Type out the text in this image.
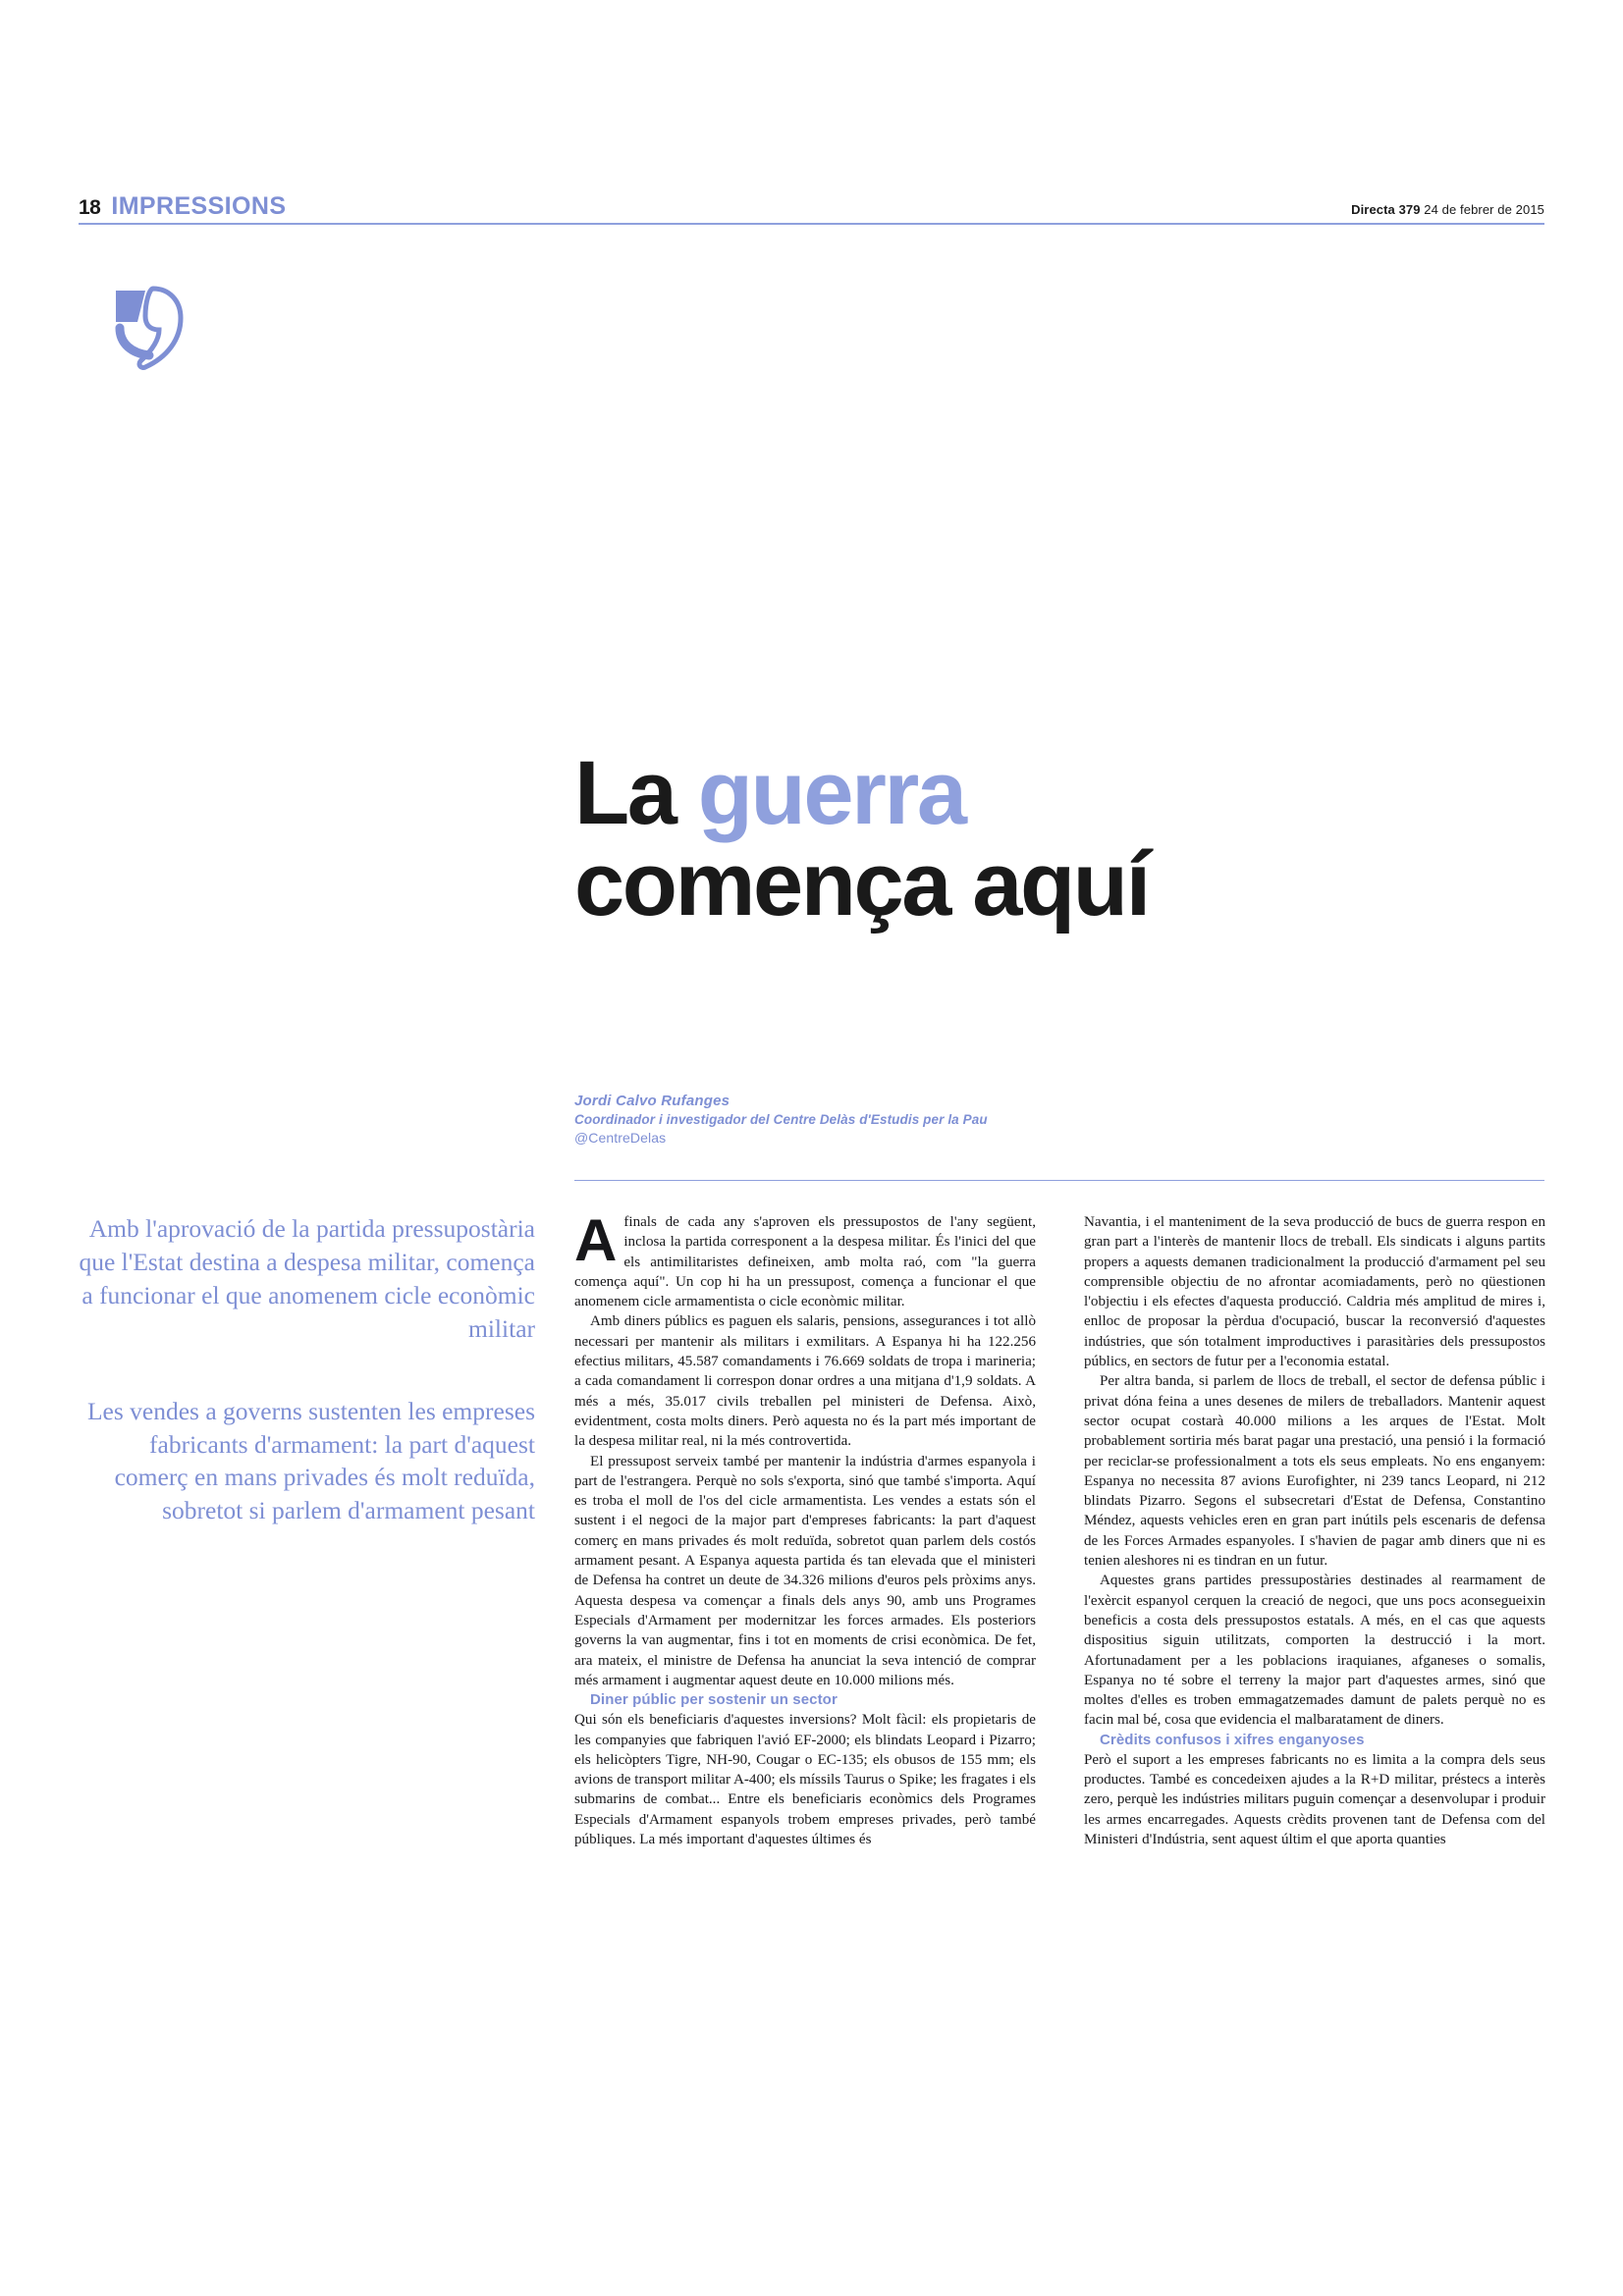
18 IMPRESSIONS	Directa 379 24 de febrer de 2015
La guerra
comença aquí
Jordi Calvo Rufanges
Coordinador i investigador del Centre Delàs d'Estudis per la Pau
@CentreDelas
Amb l'aprovació de la partida pressupostària que l'Estat destina a despesa militar, comença a funcionar el que anomenem cicle econòmic militar
Les vendes a governs sustenten les empreses fabricants d'armament: la part d'aquest comerç en mans privades és molt reduïda, sobretot si parlem d'armament pesant

Afinals de cada any s'aproven els pressupostos de l'any següent, inclosa la partida corresponent a la despesa militar. És l'inici del que els antimilitaristes defineixen, amb molta raó, com "la guerra comença aquí". Un cop hi ha un pressupost, comença a funcionar el que anomenem cicle armamentista o cicle econòmic militar.

Amb diners públics es paguen els salaris, pensions, assegurances i tot allò necessari per mantenir als militars i exmilitars. A Espanya hi ha 122.256 efectius militars, 45.587 comandaments i 76.669 soldats de tropa i marineria; a cada comandament li correspon donar ordres a una mitjana d'1,9 soldats. A més a més, 35.017 civils treballen pel ministeri de Defensa. Això, evidentment, costa molts diners. Però aquesta no és la part més important de la despesa militar real, ni la més controvertida.

El pressupost serveix també per mantenir la indústria d'armes espanyola i part de l'estrangera. Perquè no sols s'exporta, sinó que també s'importa. Aquí es troba el moll de l'os del cicle armamentista. Les vendes a estats són el sustent i el negoci de la major part d'empreses fabricants: la part d'aquest comerç en mans privades és molt reduïda, sobretot quan parlem dels costós armament pesant. A Espanya aquesta partida és tan elevada que el ministeri de Defensa ha contret un deute de 34.326 milions d'euros pels pròxims anys. Aquesta despesa va començar a finals dels anys 90, amb uns Programes Especials d'Armament per modernitzar les forces armades. Els posteriors governs la van augmentar, fins i tot en moments de crisi econòmica. De fet, ara mateix, el ministre de Defensa ha anunciat la seva intenció de comprar més armament i augmentar aquest deute en 10.000 milions més.

Diner públic per sostenir un sector

Qui són els beneficiaris d'aquestes inversions? Molt fàcil: els propietaris de les companyies que fabriquen l'avió EF-2000; els blindats Leopard i Pizarro; els helicòpters Tigre, NH-90, Cougar o EC-135; els obusos de 155 mm; els avions de transport militar A-400; els míssils Taurus o Spike; les fragates i els submarins de combat... Entre els beneficiaris econòmics dels Programes Especials d'Armament espanyols trobem empreses privades, però també públiques. La més important d'aquestes últimes és

Navantia, i el manteniment de la seva producció de bucs de guerra respon en gran part a l'interès de mantenir llocs de treball. Els sindicats i alguns partits propers a aquests demanen tradicionalment la producció d'armament pel seu comprensible objectiu de no afrontar acomiadaments, però no qüestionen l'objectiu i els efectes d'aquesta producció. Caldria més amplitud de mires i, enlloc de proposar la pèrdua d'ocupació, buscar la reconversió d'aquestes indústries, que són totalment improductives i parasitàries dels pressupostos públics, en sectors de futur per a l'economia estatal.

Per altra banda, si parlem de llocs de treball, el sector de defensa públic i privat dóna feina a unes desenes de milers de treballadors. Mantenir aquest sector ocupat costarà 40.000 milions a les arques de l'Estat. Molt probablement sortiria més barat pagar una prestació, una pensió i la formació per reciclar-se professionalment a tots els seus empleats. No ens enganyem: Espanya no necessita 87 avions Eurofighter, ni 239 tancs Leopard, ni 212 blindats Pizarro. Segons el subsecretari d'Estat de Defensa, Constantino Méndez, aquests vehicles eren en gran part inútils pels escenaris de defensa de les Forces Armades espanyoles. I s'havien de pagar amb diners que ni es tenien aleshores ni es tindran en un futur.

Aquestes grans partides pressupostàries destinades al rearmament de l'exèrcit espanyol cerquen la creació de negoci, que uns pocs aconsegueixin beneficis a costa dels pressupostos estatals. A més, en el cas que aquests dispositius siguin utilitzats, comporten la destrucció i la mort. Afortunadament per a les poblacions iraquianes, afganeses o somalis, Espanya no té sobre el terreny la major part d'aquestes armes, sinó que moltes d'elles es troben emmagatzemades damunt de palets perquè no es facin mal bé, cosa que evidencia el malbaratament de diners.

Crèdits confusos i xifres enganyoses

Però el suport a les empreses fabricants no es limita a la compra dels seus productes. També es concedeixen ajudes a la R+D militar, préstecs a interès zero, perquè les indústries militars puguin començar a desenvolupar i produir les armes encarregades. Aquests crèdits provenen tant de Defensa com del Ministeri d'Indústria, sent aquest últim el que aporta quanties
